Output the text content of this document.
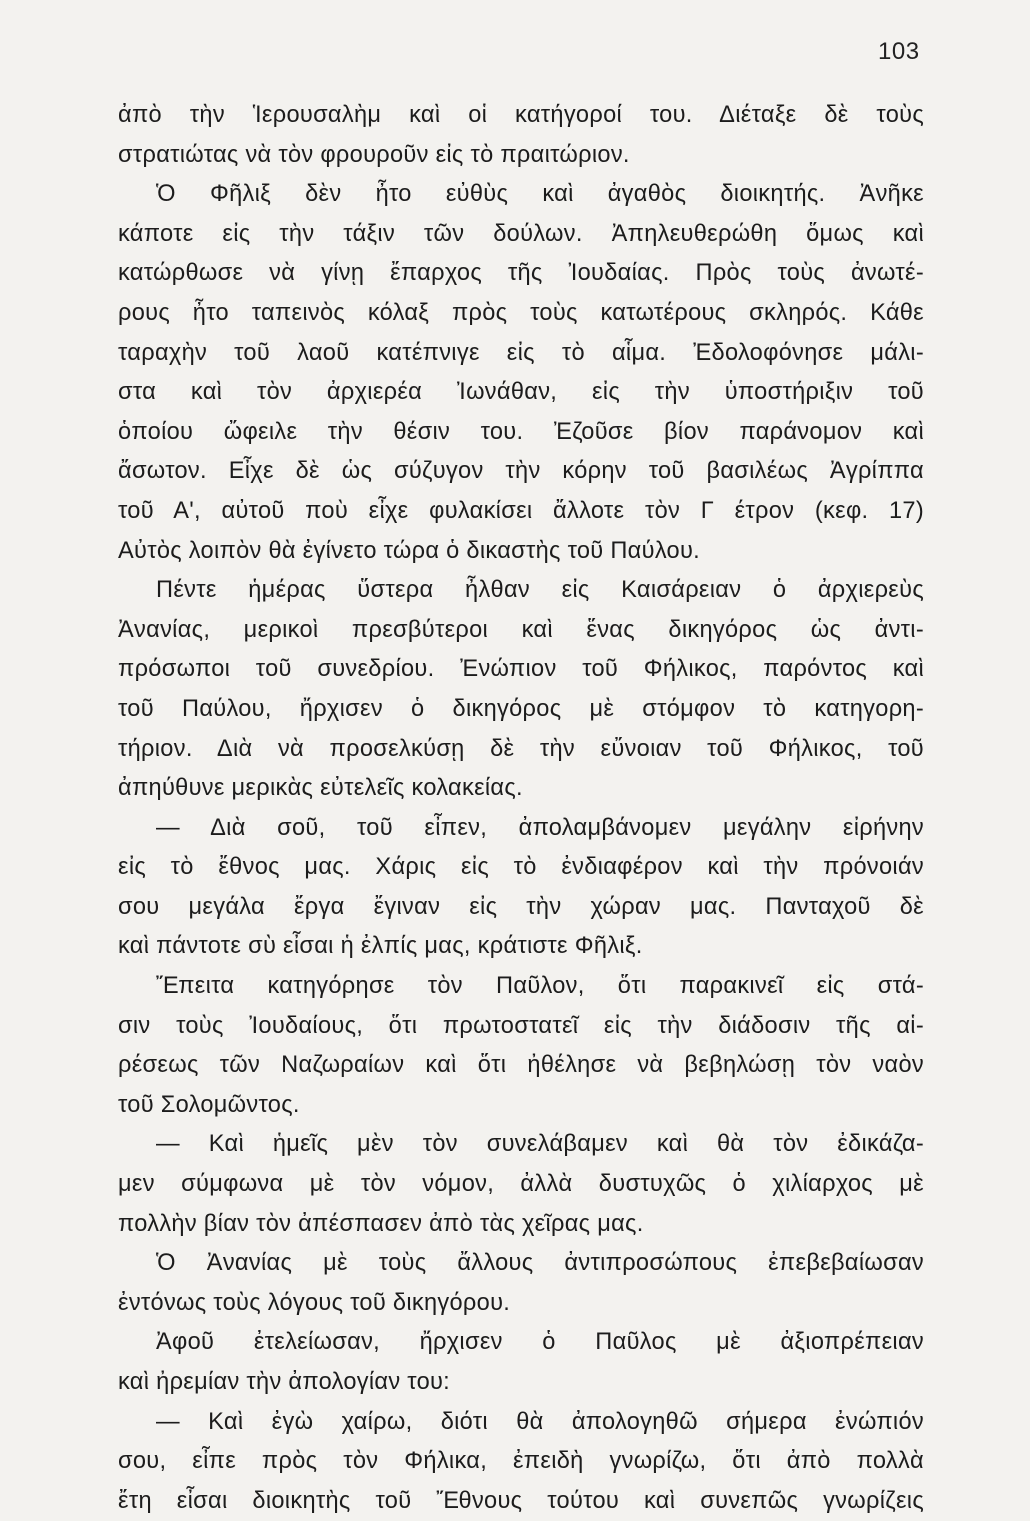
103
ἀπὸ τὴν Ἱερουσαλὴμ καὶ οἱ κατήγοροί του. Διέταξε δὲ τοὺς
στρατιώτας νὰ τὸν φρουροῦν εἰς τὸ πραιτώριον.
Ὁ Φῆλιξ δὲν ἦτο εὐθὺς καὶ ἀγαθὸς διοικητής. Ἀνῆκε
κάποτε εἰς τὴν τάξιν τῶν δούλων. Ἀπηλευθερώθη ὅμως καὶ
κατώρθωσε νὰ γίνῃ ἔπαρχος τῆς Ἰουδαίας. Πρὸς τοὺς ἀνωτέ-
ρους ἦτο ταπεινὸς κόλαξ πρὸς τοὺς κατωτέρους σκληρός. Κάθε
ταραχὴν τοῦ λαοῦ κατέπνιγε εἰς τὸ αἷμα. Ἐδολοφόνησε μάλι-
στα καὶ τὸν ἀρχιερέα Ἰωνάθαν, εἰς τὴν ὑποστήριξιν τοῦ
ὁποίου ὤφειλε τὴν θέσιν του. Ἐζοῦσε βίον παράνομον καὶ
ἄσωτον. Εἶχε δὲ ὡς σύζυγον τὴν κόρην τοῦ βασιλέως Ἀγρίππα
τοῦ Α', αὐτοῦ ποὺ εἶχε φυλακίσει ἄλλοτε τὸν Γ έτρον (κεφ. 17)
Αὐτὸς λοιπὸν θὰ ἐγίνετο τώρα ὁ δικαστὴς τοῦ Παύλου.
Πέντε ἡμέρας ὕστερα ἦλθαν εἰς Καισάρειαν ὁ ἀρχιερεὺς
Ἀνανίας, μερικοὶ πρεσβύτεροι καὶ ἕνας δικηγόρος ὡς ἀντι-
πρόσωποι τοῦ συνεδρίου. Ἐνώπιον τοῦ Φήλικος, παρόντος καὶ
τοῦ Παύλου, ἤρχισεν ὁ δικηγόρος μὲ στόμφον τὸ κατηγορη-
τήριον. Διὰ νὰ προσελκύσῃ δὲ τὴν εὔνοιαν τοῦ Φήλικος, τοῦ
ἀπηύθυνε μερικὰς εὐτελεῖς κολακείας.
— Διὰ σοῦ, τοῦ εἶπεν, ἀπολαμβάνομεν μεγάλην εἰρήνην
εἰς τὸ ἔθνος μας. Χάρις εἰς τὸ ἐνδιαφέρον καὶ τὴν πρόνοιάν
σου μεγάλα ἔργα ἔγιναν εἰς τὴν χώραν μας. Πανταχοῦ δὲ
καὶ πάντοτε σὺ εἶσαι ἡ ἐλπίς μας, κράτιστε Φῆλιξ.
Ἔπειτα κατηγόρησε τὸν Παῦλον, ὅτι παρακινεῖ εἰς στά-
σιν τοὺς Ἰουδαίους, ὅτι πρωτοστατεῖ εἰς τὴν διάδοσιν τῆς αἱ-
ρέσεως τῶν Ναζωραίων καὶ ὅτι ἠθέλησε νὰ βεβηλώσῃ τὸν ναὸν
τοῦ Σολομῶντος.
— Καὶ ἡμεῖς μὲν τὸν συνελάβαμεν καὶ θὰ τὸν ἐδικάζα-
μεν σύμφωνα μὲ τὸν νόμον, ἀλλὰ δυστυχῶς ὁ χιλίαρχος μὲ
πολλὴν βίαν τὸν ἀπέσπασεν ἀπὸ τὰς χεῖρας μας.
Ὁ Ἀνανίας μὲ τοὺς ἄλλους ἀντιπροσώπους ἐπεβεβαίωσαν
ἐντόνως τοὺς λόγους τοῦ δικηγόρου.
Ἀφοῦ ἐτελείωσαν, ἤρχισεν ὁ Παῦλος μὲ ἀξιοπρέπειαν
καὶ ἠρεμίαν τὴν ἀπολογίαν του:
— Καὶ ἐγὼ χαίρω, διότι θὰ ἀπολογηθῶ σήμερα ἐνώπιόν
σου, εἶπε πρὸς τὸν Φήλικα, ἐπειδὴ γνωρίζω, ὅτι ἀπὸ πολλὰ
ἔτη εἶσαι διοικητὴς τοῦ Ἔθνους τούτου καὶ συνεπῶς γνωρίζεις
